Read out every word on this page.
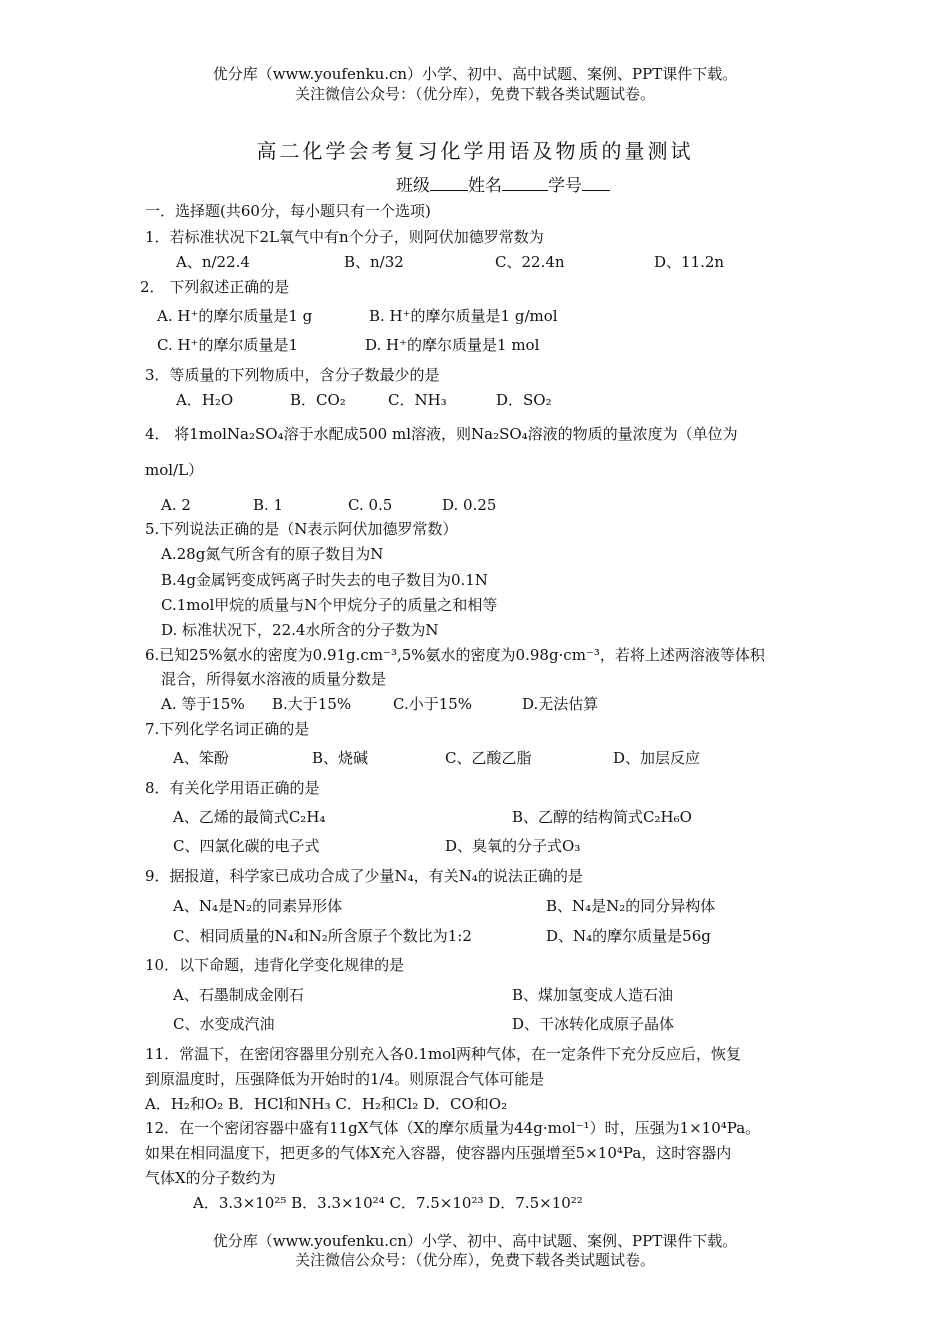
优分库（www.youfenku.cn）小学、初中、高中试题、案例、PPT课件下载。
关注微信公众号：（优分库），免费下载各类试题试卷。
高二化学会考复习化学用语及物质的量测试
班级 姓名	学号
一．选择题(共60分，每小题只有一个选项)
1．若标准状况下2L氧气中有n个分子，则阿伏加德罗常数为
A、n/22.4	B、n/32	C、22.4n	D、11.2n
2． 下列叙述正确的是
A. H⁺的摩尔质量是1 g	B. H⁺的摩尔质量是1 g/mol
C. H⁺的摩尔质量是1	D. H⁺的摩尔质量是1 mol
3．等质量的下列物质中，含分子数最少的是
A．H₂O	B．CO₂	C．NH₃	D．SO₂
4． 将1molNa₂SO₄溶于水配成500 ml溶液，则Na₂SO₄溶液的物质的量浓度为（单位为
mol/L）
A. 2	B. 1	C. 0.5	D. 0.25
5.下列说法正确的是（N表示阿伏加德罗常数）
A.28g氮气所含有的原子数目为N
B.4g金属钙变成钙离子时失去的电子数目为0.1N
C.1mol甲烷的质量与N个甲烷分子的质量之和相等
D. 标准状况下，22.4水所含的分子数为N
6.已知25%氨水的密度为0.91g.cm⁻³,5%氨水的密度为0.98g·cm⁻³，若将上述两溶液等体积
混合，所得氨水溶液的质量分数是
A. 等于15% B.大于15%	C.小于15%	D.无法估算
7.下列化学名词正确的是
A、笨酚	B、烧碱	C、乙酸乙脂	D、加层反应
8．有关化学用语正确的是
A、乙烯的最简式C₂H₄	B、乙醇的结构简式C₂H₆O
C、四氯化碳的电子式	D、臭氧的分子式O₃
9．据报道，科学家已成功合成了少量N₄，有关N₄的说法正确的是
A、N₄是N₂的同素异形体	B、N₄是N₂的同分异构体
C、相同质量的N₄和N₂所含原子个数比为1:2	D、N₄的摩尔质量是56g
10．以下命题，违背化学变化规律的是
A、石墨制成金刚石	B、煤加氢变成人造石油
C、水变成汽油	D、干冰转化成原子晶体
11．常温下，在密闭容器里分别充入各0.1mol两种气体，在一定条件下充分反应后，恢复
到原温度时，压强降低为开始时的1/4。则原混合气体可能是
A．H₂和O₂ B．HCl和NH₃ C．H₂和Cl₂ D．CO和O₂
12．在一个密闭容器中盛有11gX气体（X的摩尔质量为44g·mol⁻¹）时，压强为1×10⁴Pa。
如果在相同温度下，把更多的气体X充入容器，使容器内压强增至5×10⁴Pa，这时容器内
气体X的分子数约为
A．3.3×10²⁵ B．3.3×10²⁴ C．7.5×10²³ D．7.5×10²²
优分库（www.youfenku.cn）小学、初中、高中试题、案例、PPT课件下载。
关注微信公众号：（优分库），免费下载各类试题试卷。
